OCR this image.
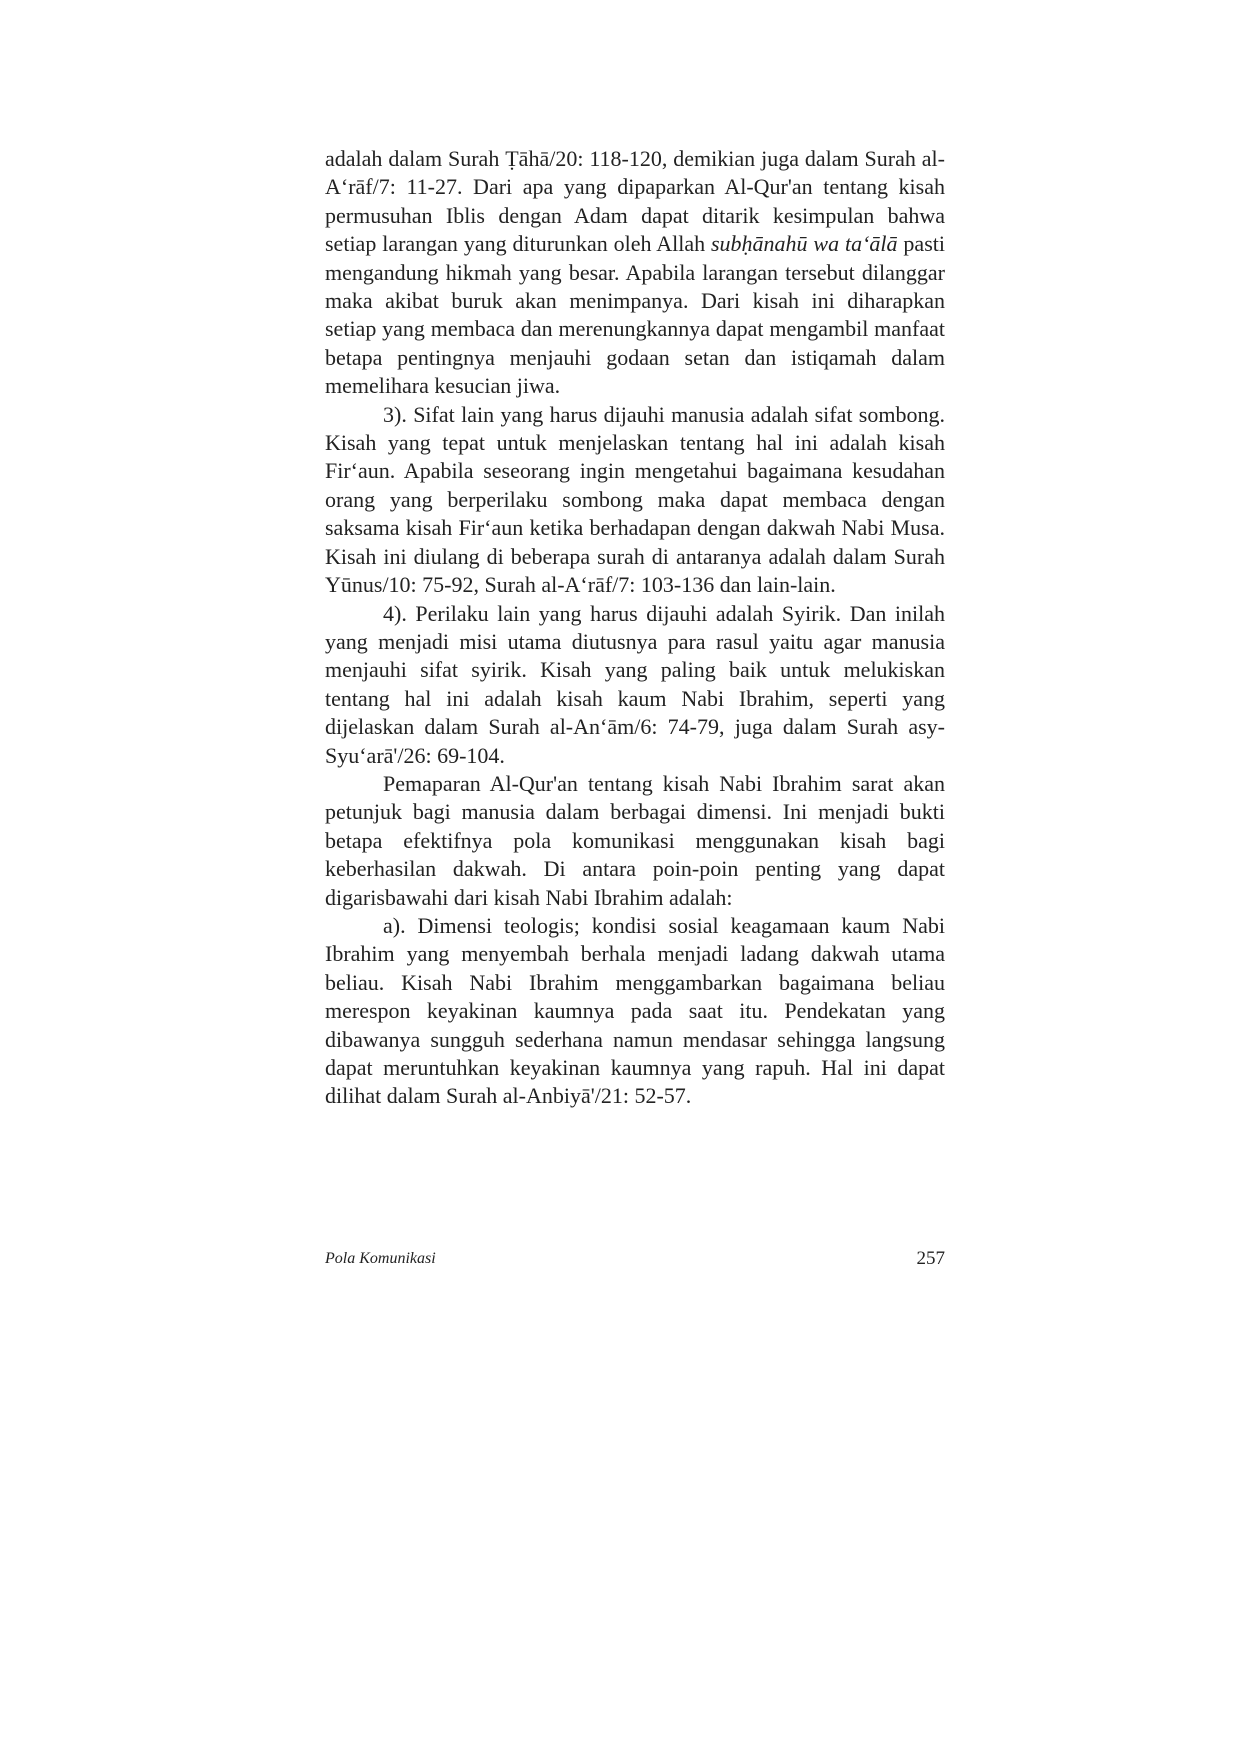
adalah dalam Surah Ṭāhā/20: 118-120, demikian juga dalam Surah al-A‘rāf/7: 11-27. Dari apa yang dipaparkan Al-Qur'an tentang kisah permusuhan Iblis dengan Adam dapat ditarik kesimpulan bahwa setiap larangan yang diturunkan oleh Allah subḥānahū wa ta‘ālā pasti mengandung hikmah yang besar. Apabila larangan tersebut dilanggar maka akibat buruk akan menimpanya. Dari kisah ini diharapkan setiap yang membaca dan merenungkannya dapat mengambil manfaat betapa pentingnya menjauhi godaan setan dan istiqamah dalam memelihara kesucian jiwa.

3). Sifat lain yang harus dijauhi manusia adalah sifat sombong. Kisah yang tepat untuk menjelaskan tentang hal ini adalah kisah Fir‘aun. Apabila seseorang ingin mengetahui bagaimana kesudahan orang yang berperilaku sombong maka dapat membaca dengan saksama kisah Fir‘aun ketika berhadapan dengan dakwah Nabi Musa. Kisah ini diulang di beberapa surah di antaranya adalah dalam Surah Yūnus/10: 75-92, Surah al-A‘rāf/7: 103-136 dan lain-lain.

4). Perilaku lain yang harus dijauhi adalah Syirik. Dan inilah yang menjadi misi utama diutusnya para rasul yaitu agar manusia menjauhi sifat syirik. Kisah yang paling baik untuk melukiskan tentang hal ini adalah kisah kaum Nabi Ibrahim, seperti yang dijelaskan dalam Surah al-An‘ām/6: 74-79, juga dalam Surah asy-Syu‘arā'/26: 69-104.

Pemaparan Al-Qur'an tentang kisah Nabi Ibrahim sarat akan petunjuk bagi manusia dalam berbagai dimensi. Ini menjadi bukti betapa efektifnya pola komunikasi menggunakan kisah bagi keberhasilan dakwah. Di antara poin-poin penting yang dapat digarisbawahi dari kisah Nabi Ibrahim adalah:

a). Dimensi teologis; kondisi sosial keagamaan kaum Nabi Ibrahim yang menyembah berhala menjadi ladang dakwah utama beliau. Kisah Nabi Ibrahim menggambarkan bagaimana beliau merespon keyakinan kaumnya pada saat itu. Pendekatan yang dibawanya sungguh sederhana namun mendasar sehingga langsung dapat meruntuhkan keyakinan kaumnya yang rapuh. Hal ini dapat dilihat dalam Surah al-Anbiyā'/21: 52-57.

Pola Komunikasi	257
